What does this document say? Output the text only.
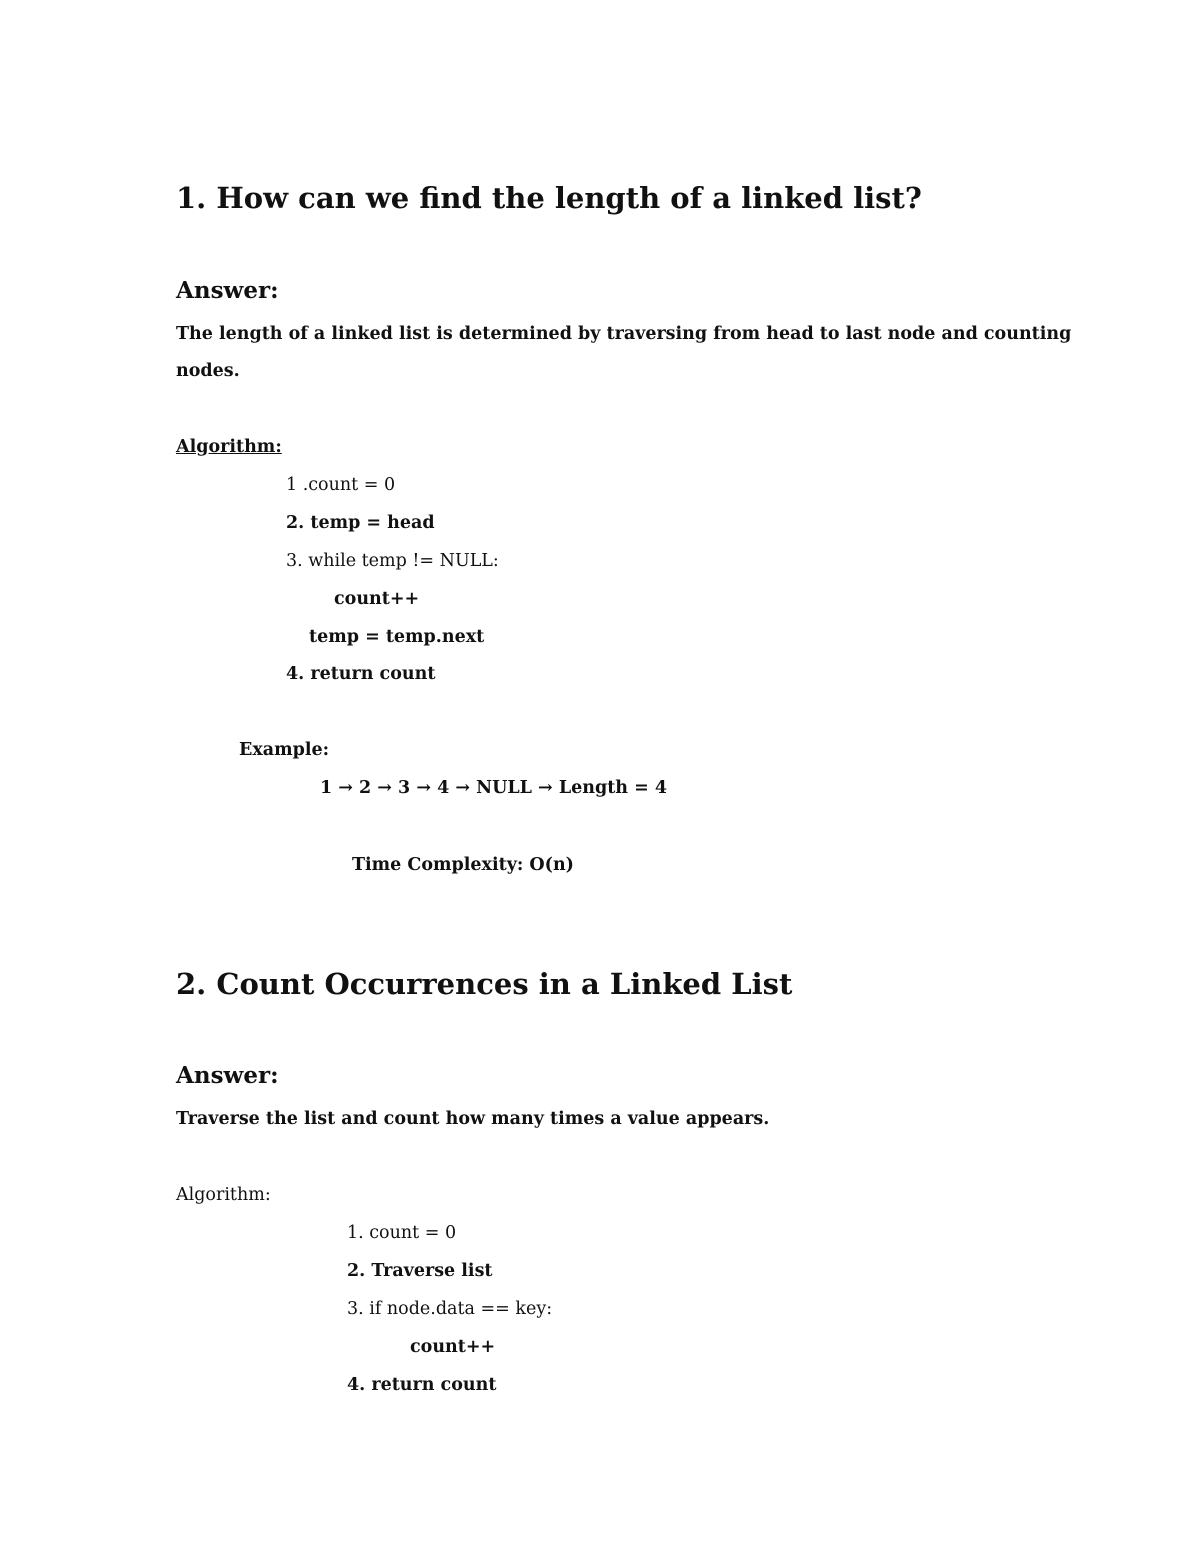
1. How can we find the length of a linked list?
Answer:
The length of a linked list is determined by traversing from head to last node and counting
nodes.
Algorithm:
1 .count = 0
2. temp = head
3. while temp != NULL:
count++
temp = temp.next
4. return count
Example:
1 → 2 → 3 → 4 → NULL → Length = 4
Time Complexity: O(n)
2. Count Occurrences in a Linked List
Answer:
Traverse the list and count how many times a value appears.
Algorithm:
1. count = 0
2. Traverse list
3. if node.data == key:
count++
4. return count
